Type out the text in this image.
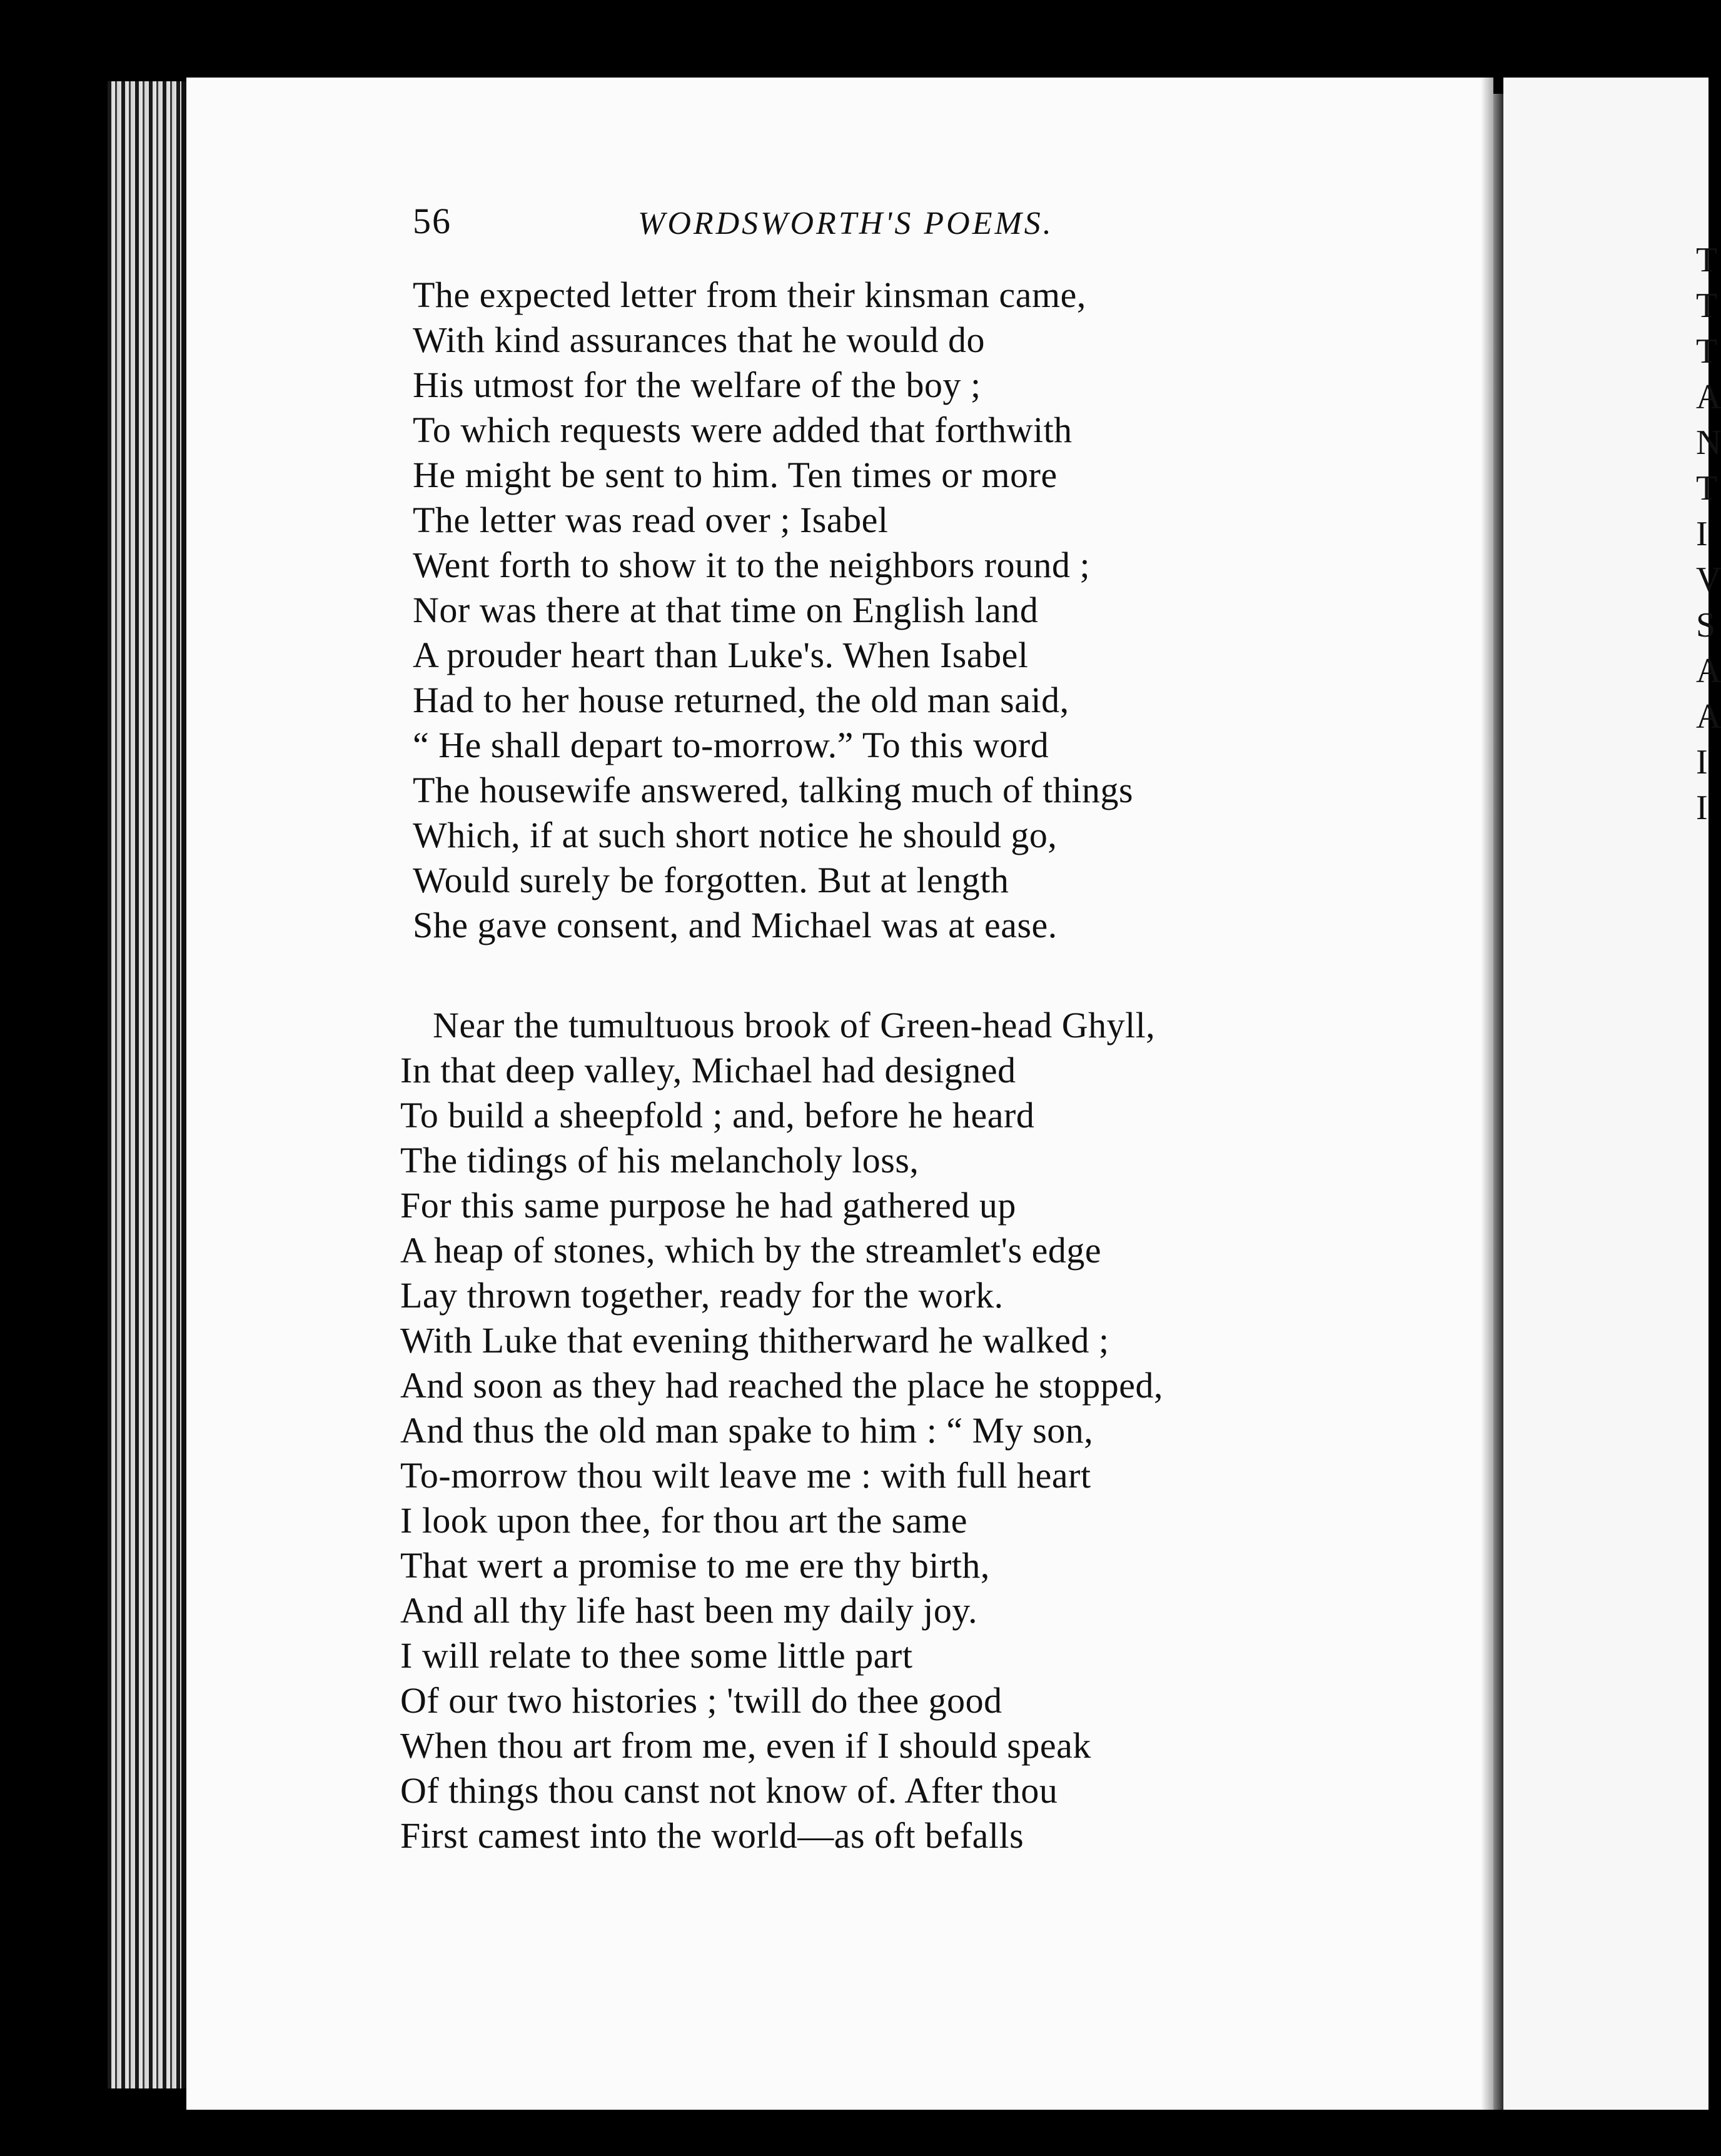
T
T
T
A
N
T
I
V
S
A
A
I
I
56	WORDSWORTH'S POEMS.
The expected letter from their kinsman came,
With kind assurances that he would do
His utmost for the welfare of the boy ;
To which requests were added that forthwith
He might be sent to him. Ten times or more
The letter was read over ; Isabel
Went forth to show it to the neighbors round ;
Nor was there at that time on English land
A prouder heart than Luke's. When Isabel
Had to her house returned, the old man said,
“ He shall depart to-morrow.” To this word
The housewife answered, talking much of things
Which, if at such short notice he should go,
Would surely be forgotten. But at length
She gave consent, and Michael was at ease.
Near the tumultuous brook of Green-head Ghyll,
In that deep valley, Michael had designed
To build a sheepfold ; and, before he heard
The tidings of his melancholy loss,
For this same purpose he had gathered up
A heap of stones, which by the streamlet's edge
Lay thrown together, ready for the work.
With Luke that evening thitherward he walked ;
And soon as they had reached the place he stopped,
And thus the old man spake to him : “ My son,
To-morrow thou wilt leave me : with full heart
I look upon thee, for thou art the same
That wert a promise to me ere thy birth,
And all thy life hast been my daily joy.
I will relate to thee some little part
Of our two histories ; 'twill do thee good
When thou art from me, even if I should speak
Of things thou canst not know of. After thou
First camest into the world—as oft befalls
